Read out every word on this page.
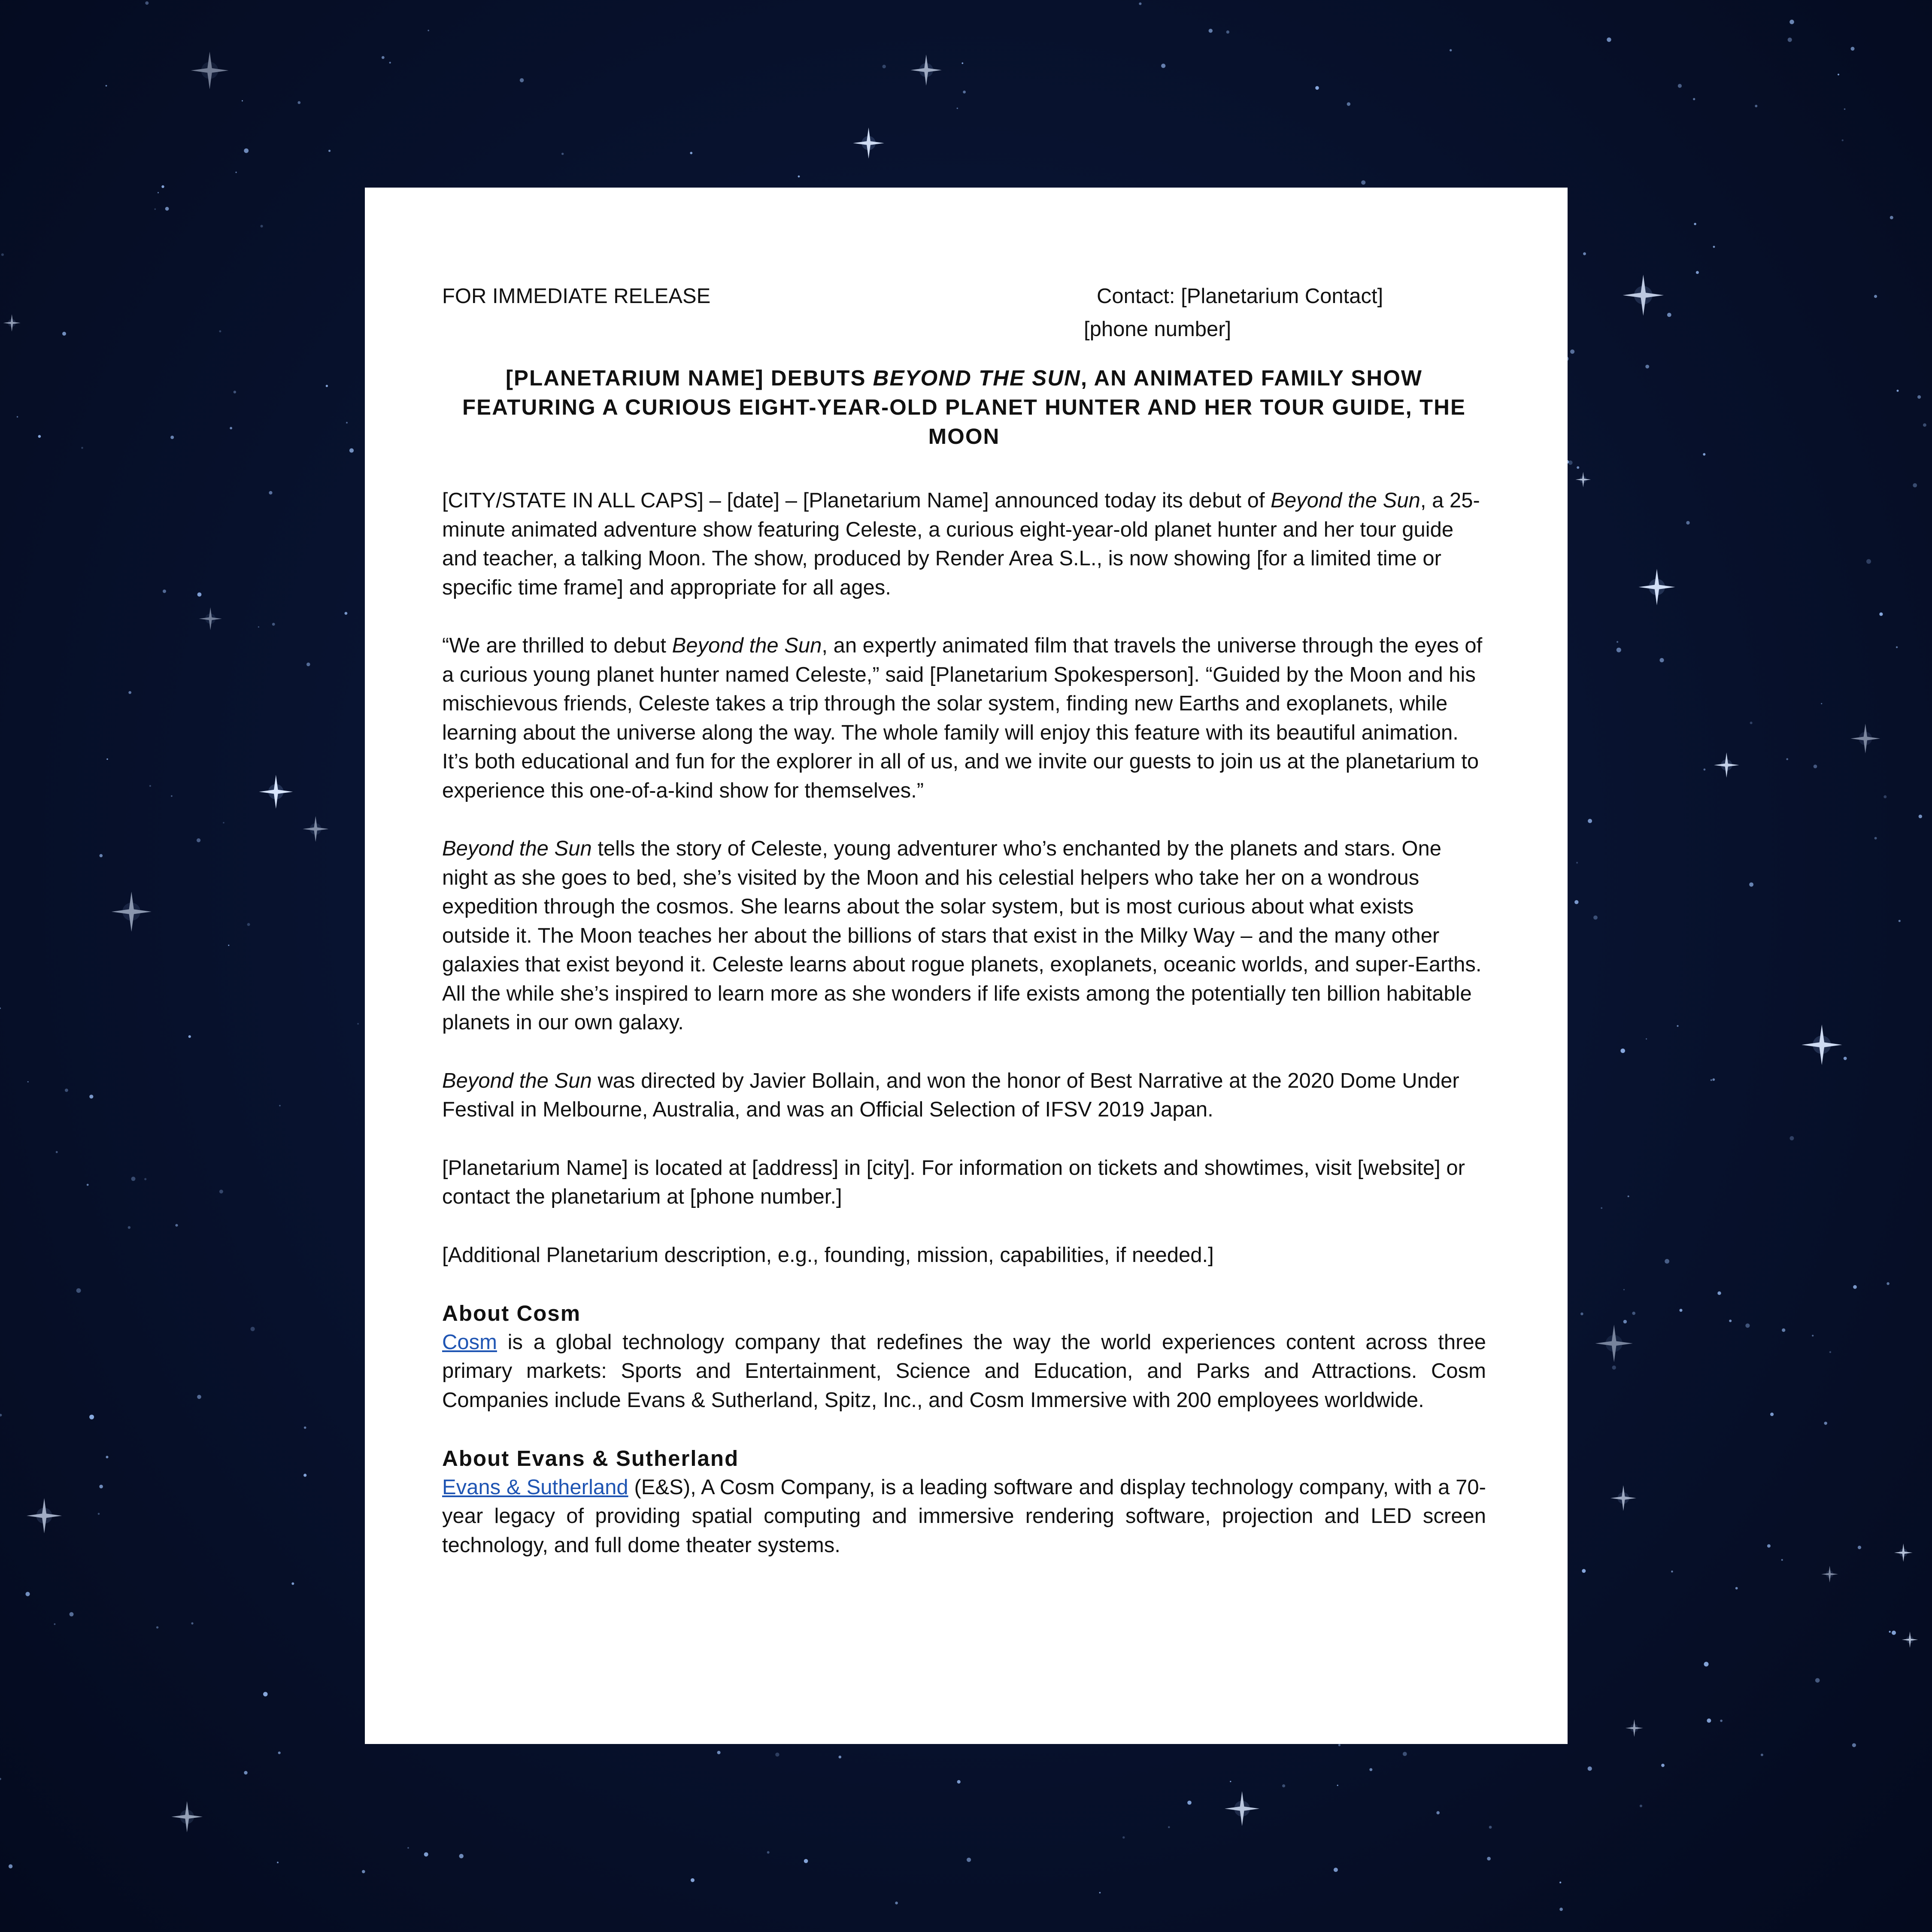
FOR IMMEDIATE RELEASE	Contact: [Planetarium Contact]
[phone number]

[PLANETARIUM NAME] DEBUTS BEYOND THE SUN, AN ANIMATED FAMILY SHOW FEATURING A CURIOUS EIGHT-YEAR-OLD PLANET HUNTER AND HER TOUR GUIDE, THE MOON

[CITY/STATE IN ALL CAPS] – [date] – [Planetarium Name] announced today its debut of Beyond the Sun, a 25-minute animated adventure show featuring Celeste, a curious eight-year-old planet hunter and her tour guide and teacher, a talking Moon. The show, produced by Render Area S.L., is now showing [for a limited time or specific time frame] and appropriate for all ages.

“We are thrilled to debut Beyond the Sun, an expertly animated film that travels the universe through the eyes of a curious young planet hunter named Celeste,” said [Planetarium Spokesperson]. “Guided by the Moon and his mischievous friends, Celeste takes a trip through the solar system, finding new Earths and exoplanets, while learning about the universe along the way. The whole family will enjoy this feature with its beautiful animation. It’s both educational and fun for the explorer in all of us, and we invite our guests to join us at the planetarium to experience this one-of-a-kind show for themselves.”

Beyond the Sun tells the story of Celeste, young adventurer who’s enchanted by the planets and stars. One night as she goes to bed, she’s visited by the Moon and his celestial helpers who take her on a wondrous expedition through the cosmos. She learns about the solar system, but is most curious about what exists outside it. The Moon teaches her about the billions of stars that exist in the Milky Way – and the many other galaxies that exist beyond it. Celeste learns about rogue planets, exoplanets, oceanic worlds, and super-Earths. All the while she’s inspired to learn more as she wonders if life exists among the potentially ten billion habitable planets in our own galaxy.

Beyond the Sun was directed by Javier Bollain, and won the honor of Best Narrative at the 2020 Dome Under Festival in Melbourne, Australia, and was an Official Selection of IFSV 2019 Japan.

[Planetarium Name] is located at [address] in [city]. For information on tickets and showtimes, visit [website] or contact the planetarium at [phone number.]

[Additional Planetarium description, e.g., founding, mission, capabilities, if needed.]

About Cosm

Cosm is a global technology company that redefines the way the world experiences content across three primary markets: Sports and Entertainment, Science and Education, and Parks and Attractions. Cosm Companies include Evans & Sutherland, Spitz, Inc., and Cosm Immersive with 200 employees worldwide.

About Evans & Sutherland

Evans & Sutherland (E&S), A Cosm Company, is a leading software and display technology company, with a 70-year legacy of providing spatial computing and immersive rendering software, projection and LED screen technology, and full dome theater systems.
